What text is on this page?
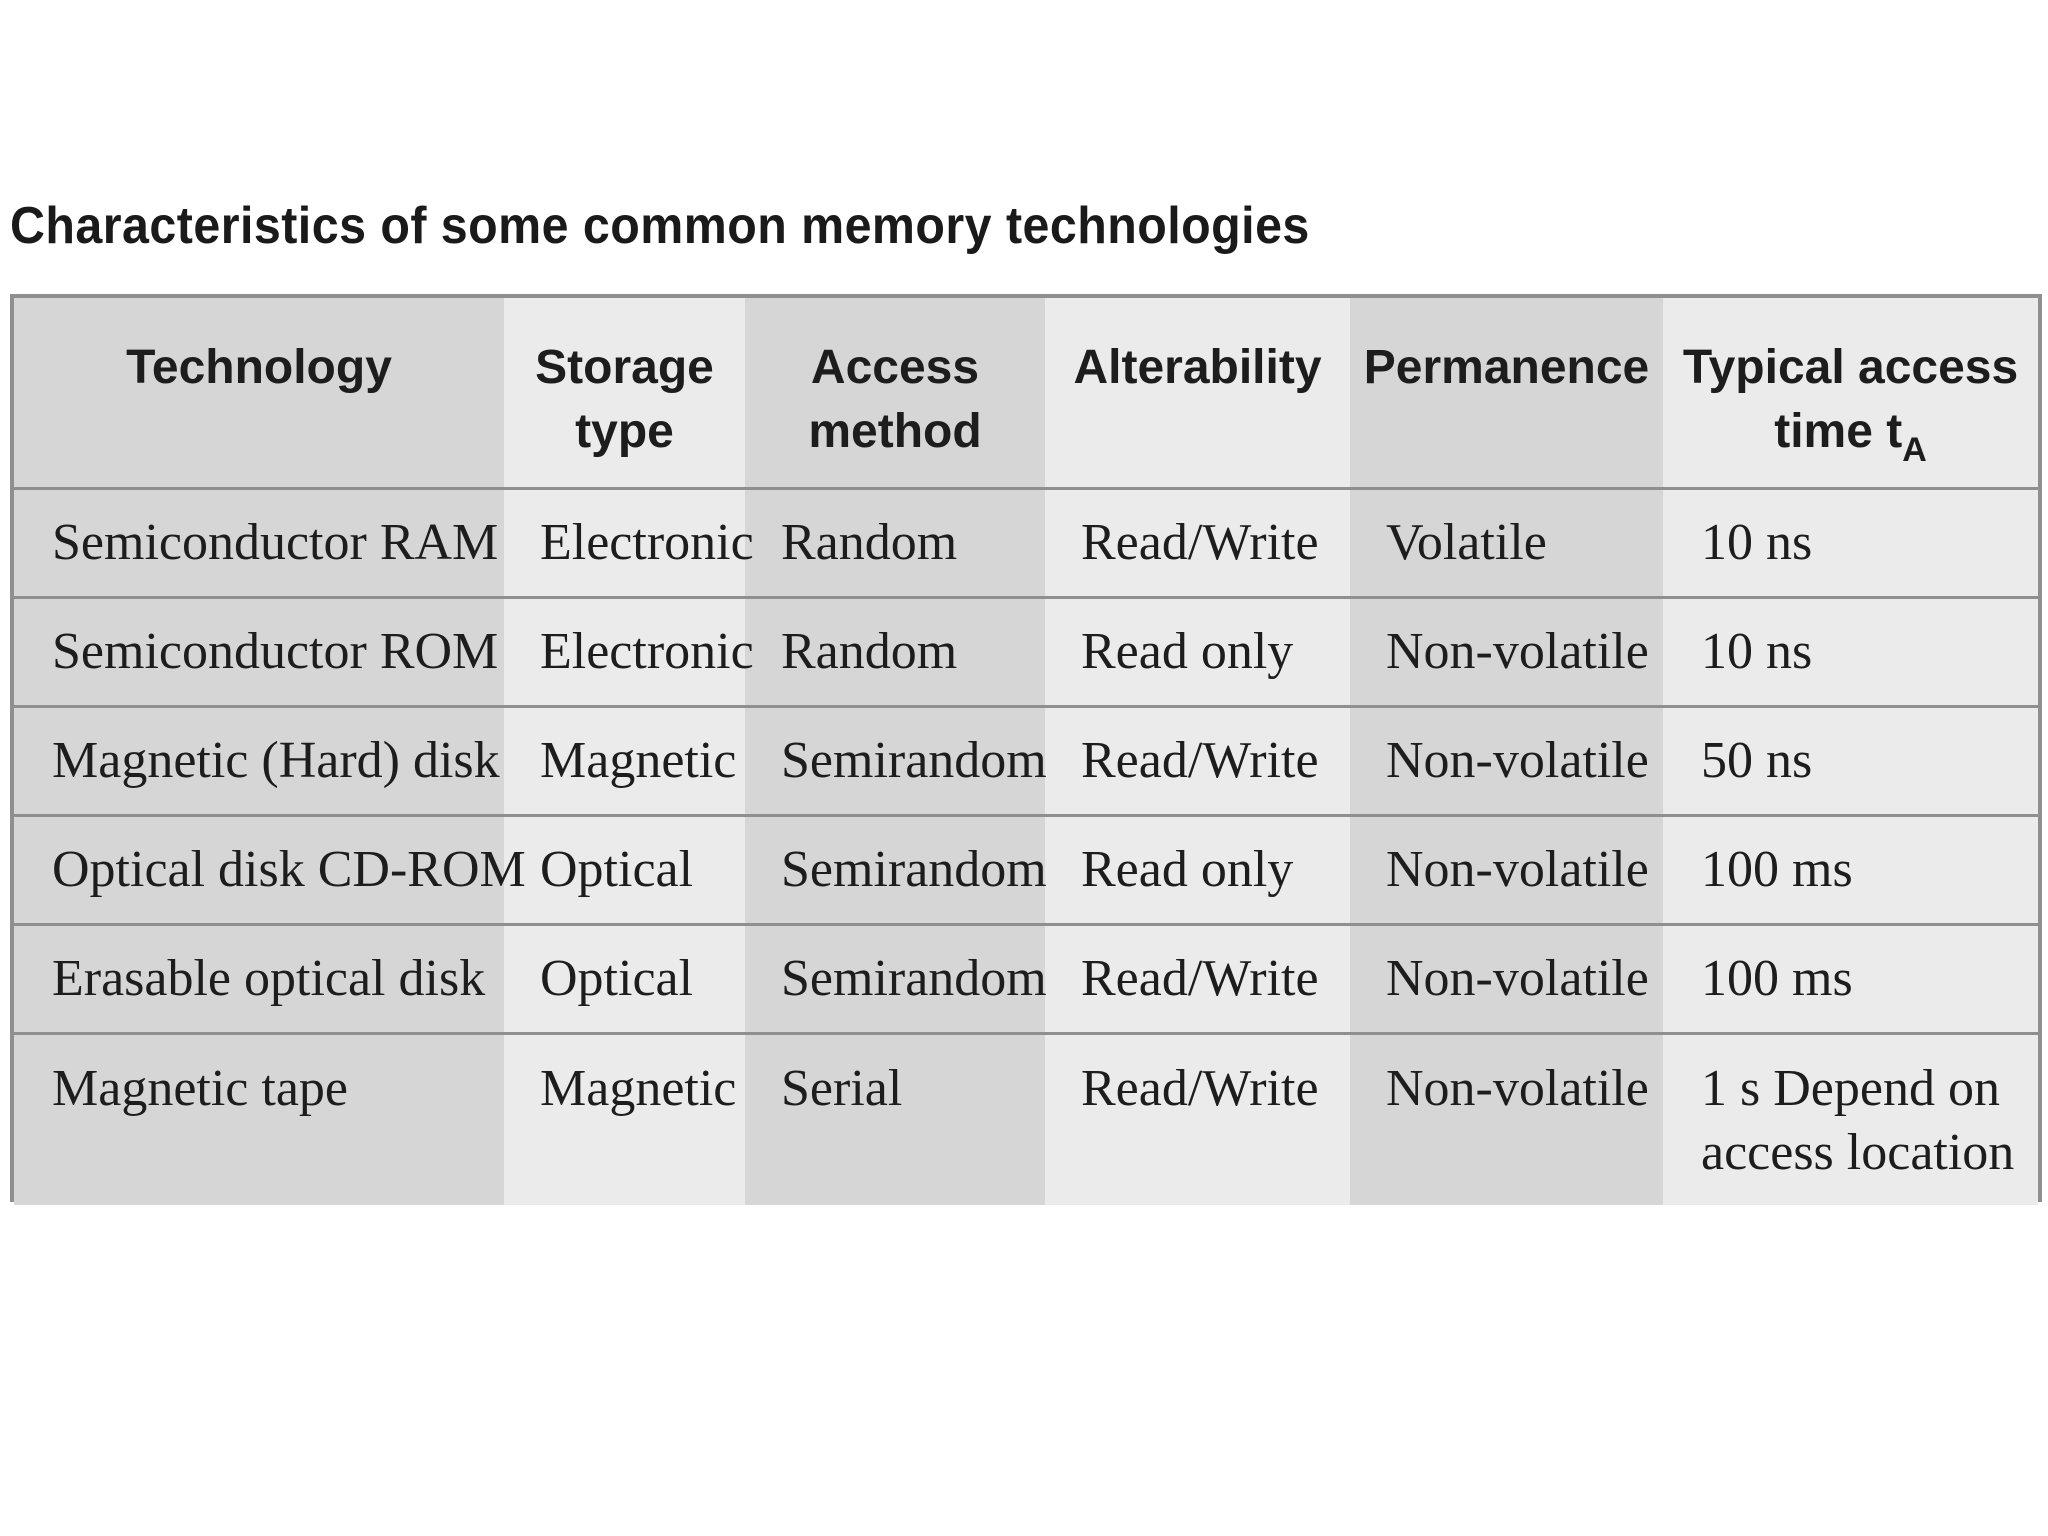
Characteristics of some common memory technologies
Technology	Storage type	Access method	Alterability	Permanence	Typical access time $t_A$
Semiconductor RAM	Electronic	Random	Read/Write	Volatile	10 ns
Semiconductor ROM	Electronic	Random	Read only	Non-volatile	10 ns
Magnetic (Hard) disk	Magnetic	Semirandom	Read/Write	Non-volatile	50 ns
Optical disk CD-ROM	Optical	Semirandom	Read only	Non-volatile	100 ms
Erasable optical disk	Optical	Semirandom	Read/Write	Non-volatile	100 ms
Magnetic tape	Magnetic	Serial	Read/Write	Non-volatile	1 s Depend on access location
